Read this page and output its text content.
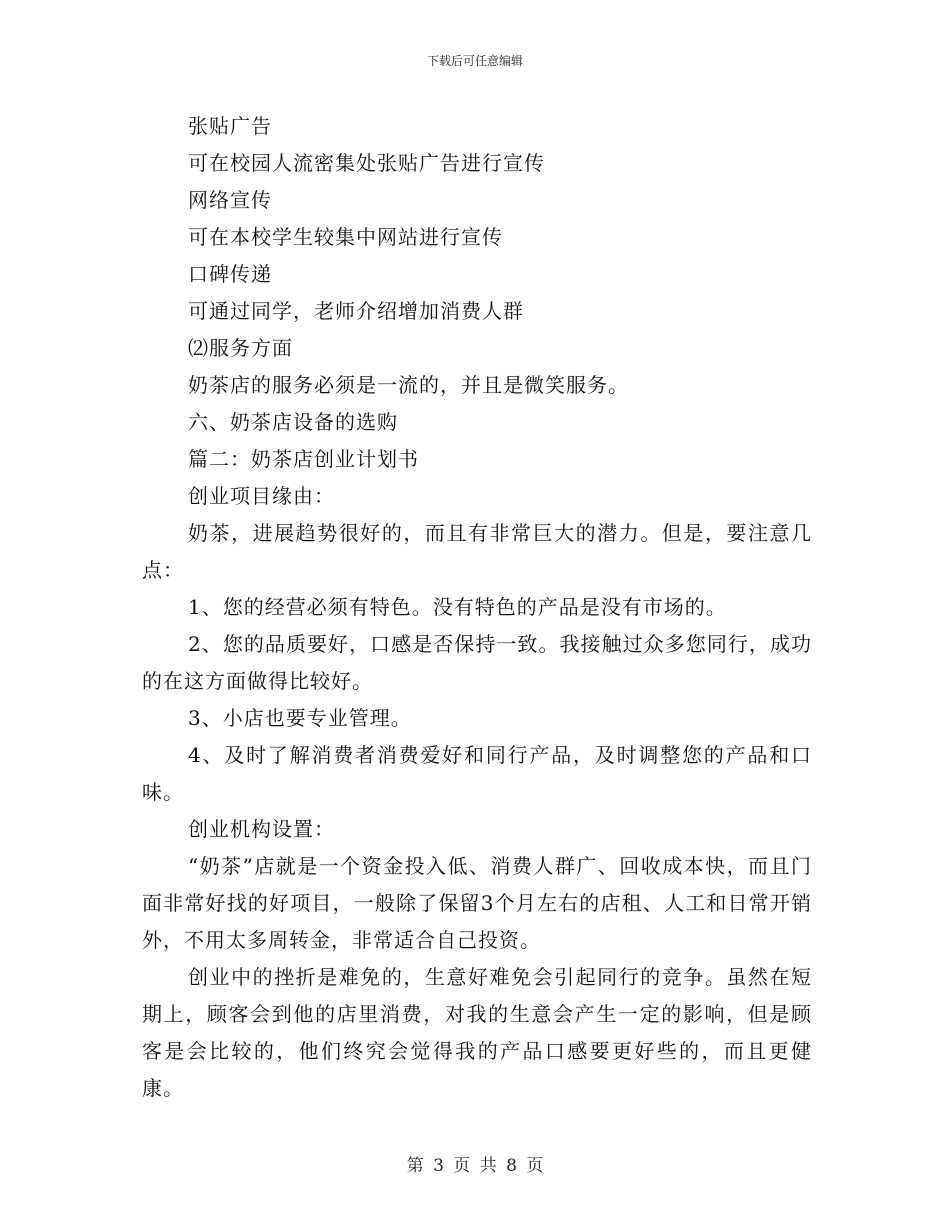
下载后可任意编辑

张贴广告

可在校园人流密集处张贴广告进行宣传

网络宣传

可在本校学生较集中网站进行宣传

口碑传递

可通过同学，老师介绍增加消费人群

⑵服务方面

奶茶店的服务必须是一流的，并且是微笑服务。

六、奶茶店设备的选购

篇二：奶茶店创业计划书

创业项目缘由：

奶茶，进展趋势很好的，而且有非常巨大的潜力。但是，要注意几点：

1、您的经营必须有特色。没有特色的产品是没有市场的。

2、您的品质要好，口感是否保持一致。我接触过众多您同行，成功的在这方面做得比较好。

3、小店也要专业管理。

4、及时了解消费者消费爱好和同行产品，及时调整您的产品和口味。

创业机构设置：

“奶茶”店就是一个资金投入低、消费人群广、回收成本快，而且门面非常好找的好项目，一般除了保留3个月左右的店租、人工和日常开销外，不用太多周转金，非常适合自己投资。

创业中的挫折是难免的，生意好难免会引起同行的竞争。虽然在短期上，顾客会到他的店里消费，对我的生意会产生一定的影响，但是顾客是会比较的，他们终究会觉得我的产品口感要更好些的，而且更健康。

第 3 页 共 8 页
